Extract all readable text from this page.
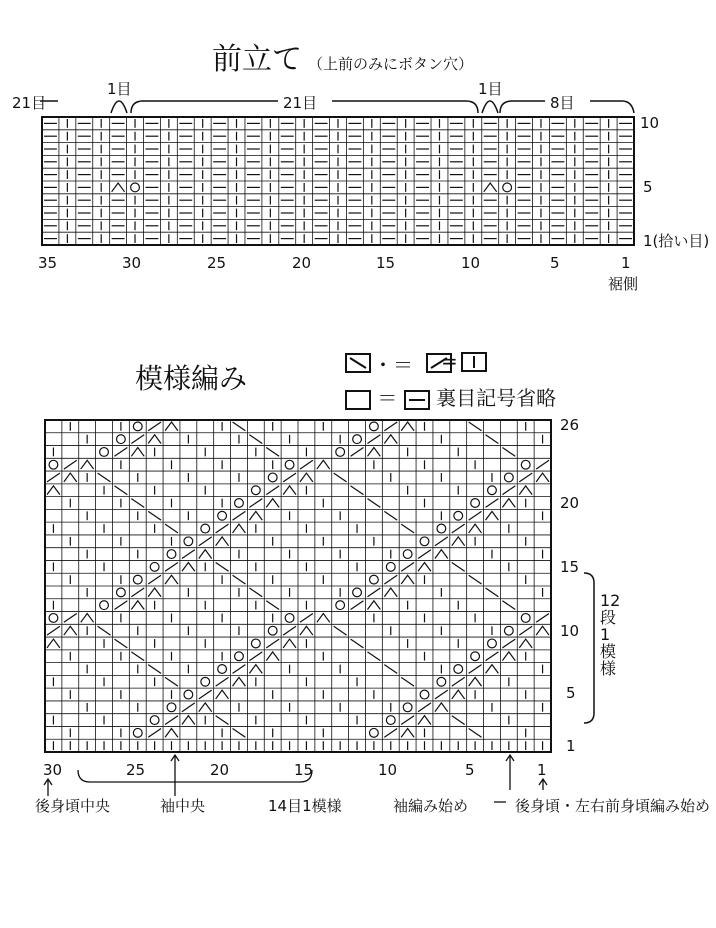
前立て （上前のみにボタン穴）
21目
1目
21目
1目
8目
10
5
1(拾い目)
35	30	25	20	15	10	5	1
裾側
模様編み
	・＝ =
＝ 裏目記号省略
26
20
15
10
5
1
12段1模様
30	25	20	15	10	5	1
後身頃中央	袖中央	14目1模様	袖編み始め	後身頃・左右前身頃編み始め
